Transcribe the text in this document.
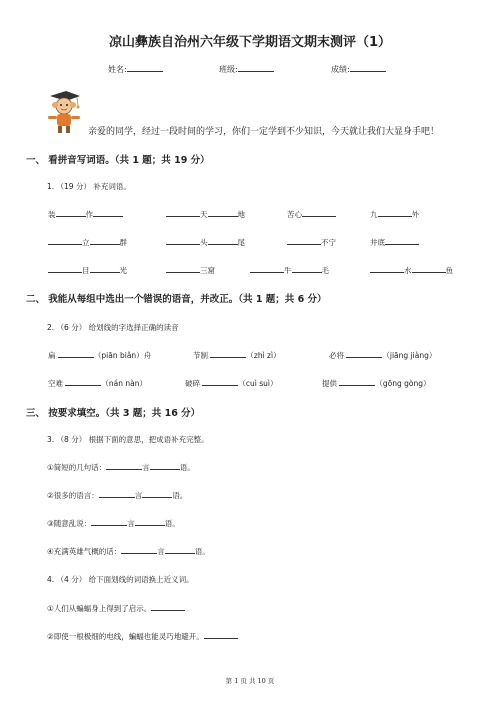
凉山彝族自治州六年级下学期语文期末测评（1）
姓名:	班级:	成绩:
亲爱的同学，经过一段时间的学习，你们一定学到不少知识，今天就让我们大显身手吧！
一、 看拼音写词语。（共 1 题；共 19 分）
1. （19 分） 补充词语。
装	作	天	地	苦心	九	外
立	群	头	尾	不宁	井底
目	光	三窟	牛	毛	水	鱼
二、 我能从每组中选出一个错误的语音，并改正。（共 1 题；共 6 分）
2. （6 分） 给划线的字选择正确的读音
扁	（piān biǎn）舟	节制	（zhì zì）	必将	（jiāng jiàng）
空难	（nán nàn）	破碎	（cuì suì）	提供	（gōng gòng）
三、 按要求填空。（共 3 题；共 16 分）
3. （8 分） 根据下面的意思，把成语补充完整。
①简短的几句话：	言	语。
②很多的语言：	言	语。
③随意乱说：	言	语。
④充满英雄气概的话：	言	语。
4. （4 分） 给下面划线的词语换上近义词。
①人们从蝙蝠身上得到了启示。
②即使一根极细的电线，蝙蝠也能灵巧地避开。
第 1 页 共 10 页
